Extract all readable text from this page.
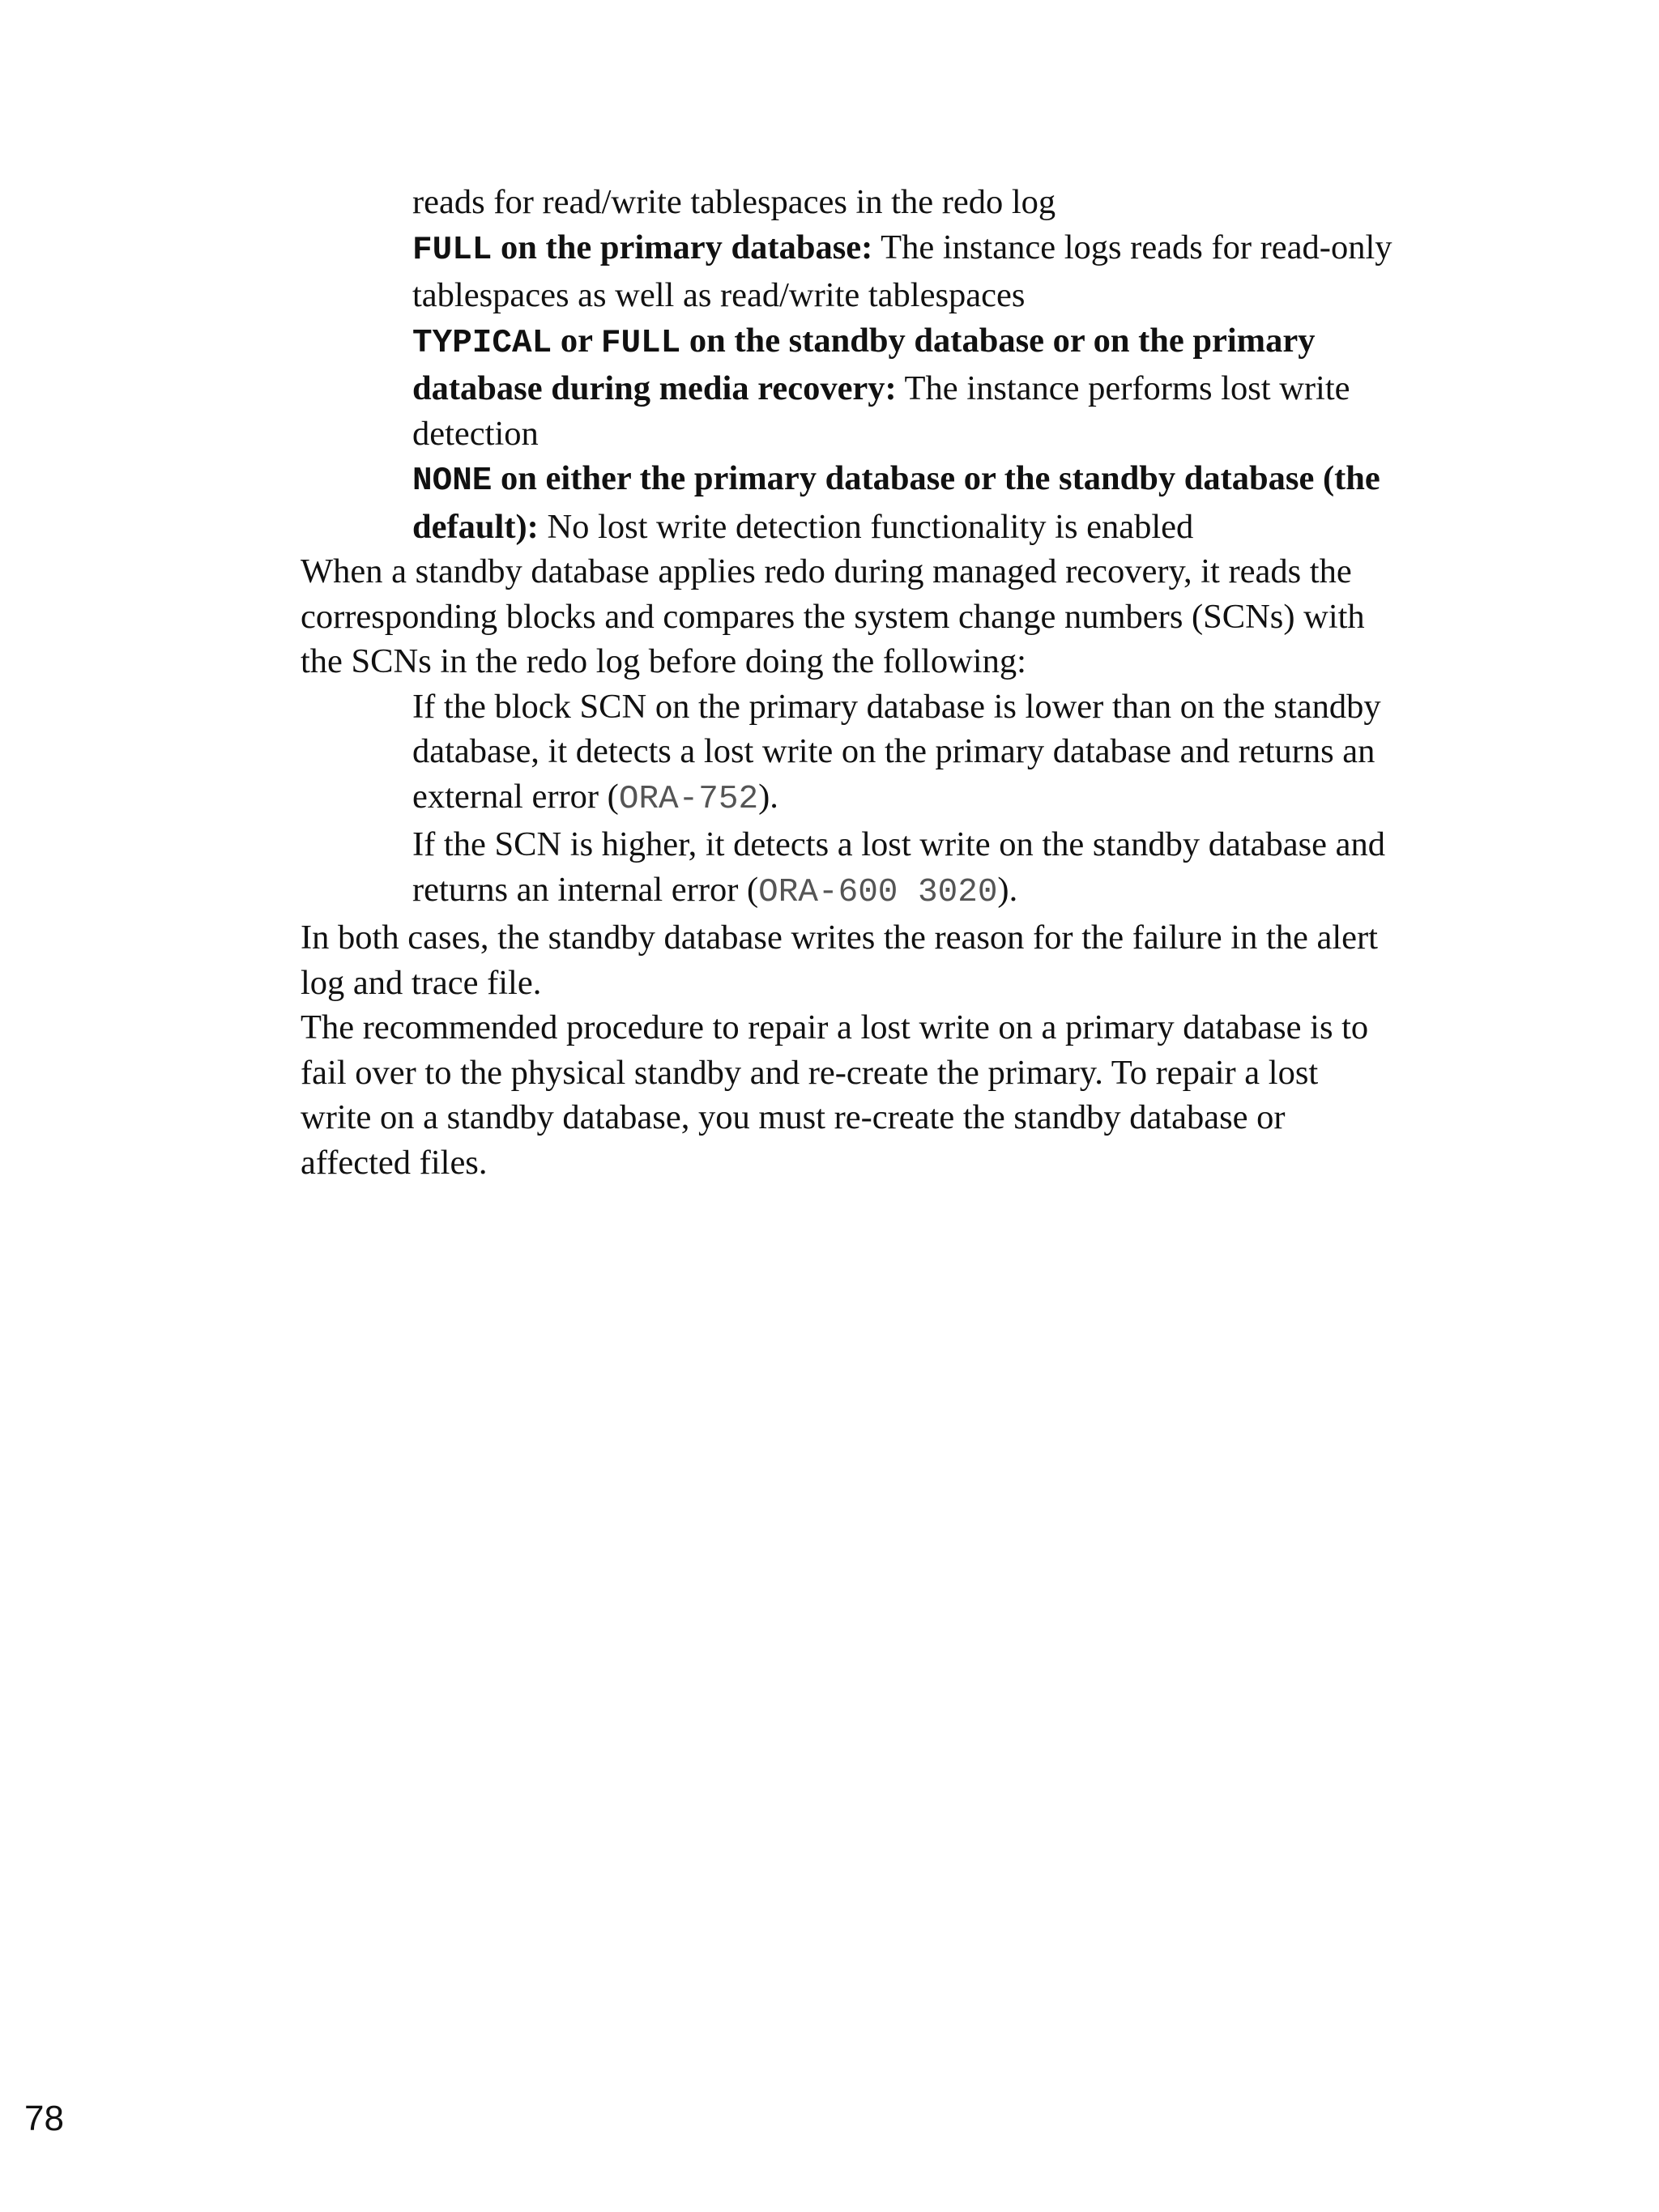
reads for read/write tablespaces in the redo log
FULL on the primary database: The instance logs reads for read-only
tablespaces as well as read/write tablespaces
TYPICAL or FULL on the standby database or on the primary
database during media recovery: The instance performs lost write
detection
NONE on either the primary database or the standby database (the
default): No lost write detection functionality is enabled
When a standby database applies redo during managed recovery, it reads the
corresponding blocks and compares the system change numbers (SCNs) with
the SCNs in the redo log before doing the following:
If the block SCN on the primary database is lower than on the standby
database, it detects a lost write on the primary database and returns an
external error (ORA-752).
If the SCN is higher, it detects a lost write on the standby database and
returns an internal error (ORA-600 3020).
In both cases, the standby database writes the reason for the failure in the alert
log and trace file.
The recommended procedure to repair a lost write on a primary database is to
fail over to the physical standby and re-create the primary. To repair a lost
write on a standby database, you must re-create the standby database or
affected files.
78
